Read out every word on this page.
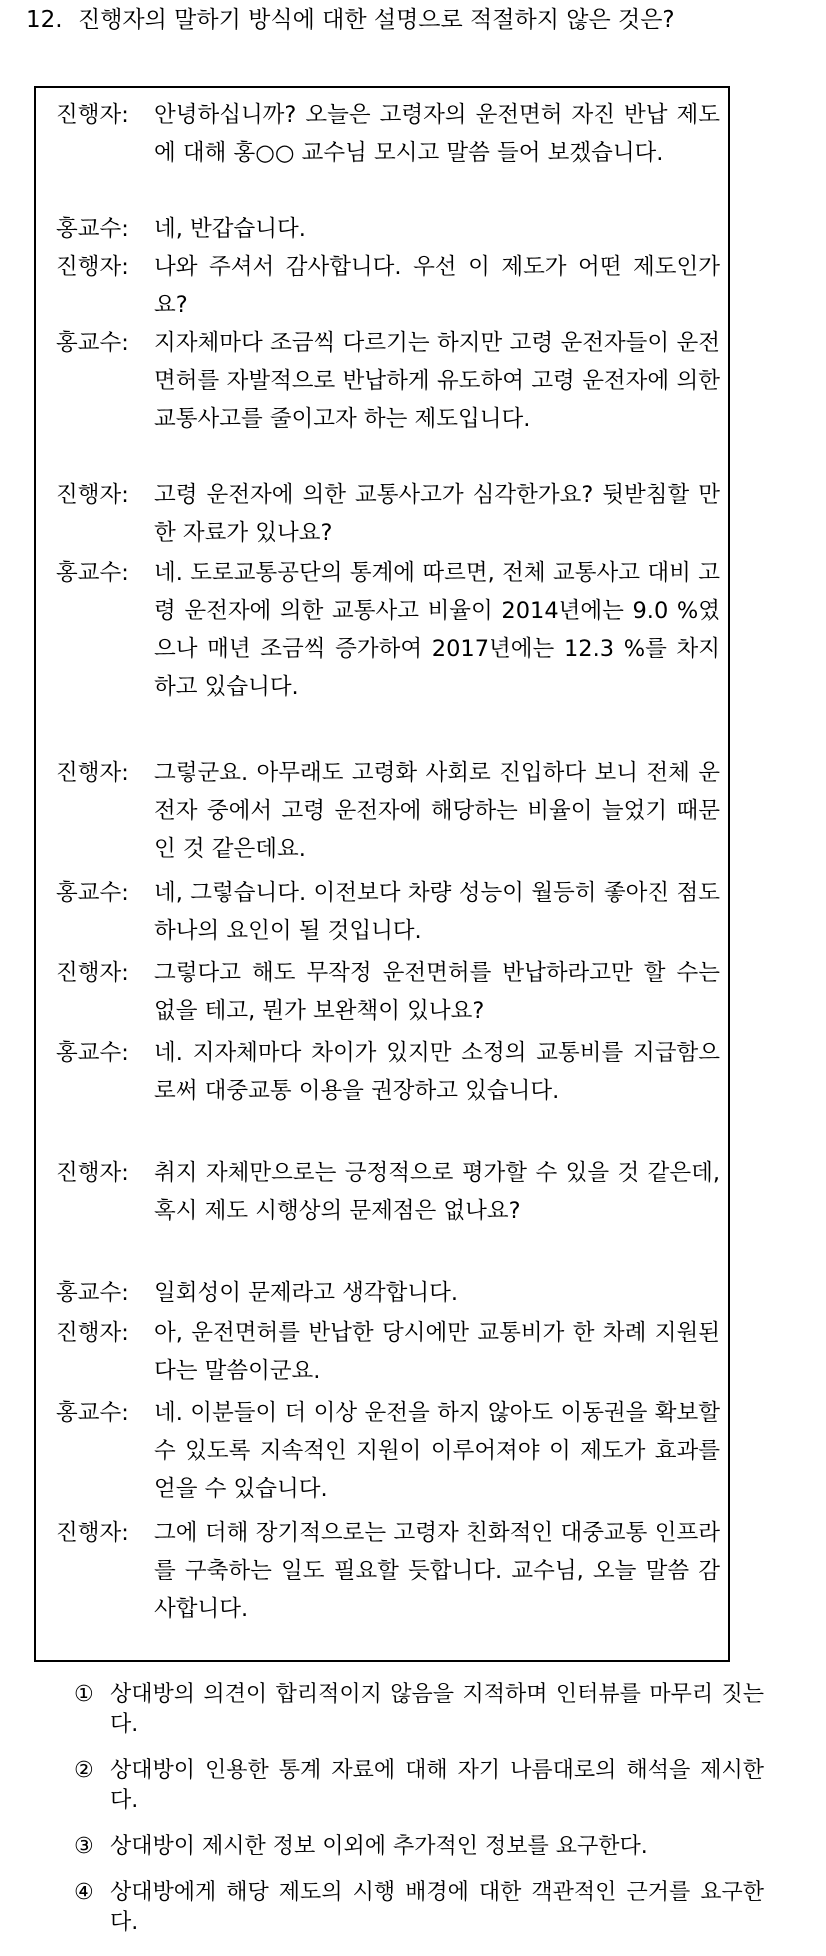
12. 진행자의 말하기 방식에 대한 설명으로 적절하지 않은 것은?
진행자:	안녕하십니까? 오늘은 고령자의 운전면허 자진 반납 제도에 대해 홍○○ 교수님 모시고 말씀 들어 보겠습니다.
홍교수:	네, 반갑습니다.
진행자:	나와 주셔서 감사합니다. 우선 이 제도가 어떤 제도인가요?
홍교수:	지자체마다 조금씩 다르기는 하지만 고령 운전자들이 운전면허를 자발적으로 반납하게 유도하여 고령 운전자에 의한 교통사고를 줄이고자 하는 제도입니다.
진행자:	고령 운전자에 의한 교통사고가 심각한가요? 뒷받침할 만한 자료가 있나요?
홍교수:	네. 도로교통공단의 통계에 따르면, 전체 교통사고 대비 고령 운전자에 의한 교통사고 비율이 2014년에는 9.0 %였으나 매년 조금씩 증가하여 2017년에는 12.3 %를 차지하고 있습니다.
진행자:	그렇군요. 아무래도 고령화 사회로 진입하다 보니 전체 운전자 중에서 고령 운전자에 해당하는 비율이 늘었기 때문인 것 같은데요.
홍교수:	네, 그렇습니다. 이전보다 차량 성능이 월등히 좋아진 점도 하나의 요인이 될 것입니다.
진행자:	그렇다고 해도 무작정 운전면허를 반납하라고만 할 수는 없을 테고, 뭔가 보완책이 있나요?
홍교수:	네. 지자체마다 차이가 있지만 소정의 교통비를 지급함으로써 대중교통 이용을 권장하고 있습니다.
진행자:	취지 자체만으로는 긍정적으로 평가할 수 있을 것 같은데, 혹시 제도 시행상의 문제점은 없나요?
홍교수:	일회성이 문제라고 생각합니다.
진행자:	아, 운전면허를 반납한 당시에만 교통비가 한 차례 지원된다는 말씀이군요.
홍교수:	네. 이분들이 더 이상 운전을 하지 않아도 이동권을 확보할 수 있도록 지속적인 지원이 이루어져야 이 제도가 효과를 얻을 수 있습니다.
진행자:	그에 더해 장기적으로는 고령자 친화적인 대중교통 인프라를 구축하는 일도 필요할 듯합니다. 교수님, 오늘 말씀 감사합니다.
① 상대방의 의견이 합리적이지 않음을 지적하며 인터뷰를 마무리 짓는다.
② 상대방이 인용한 통계 자료에 대해 자기 나름대로의 해석을 제시한다.
③ 상대방이 제시한 정보 이외에 추가적인 정보를 요구한다.
④ 상대방에게 해당 제도의 시행 배경에 대한 객관적인 근거를 요구한다.
